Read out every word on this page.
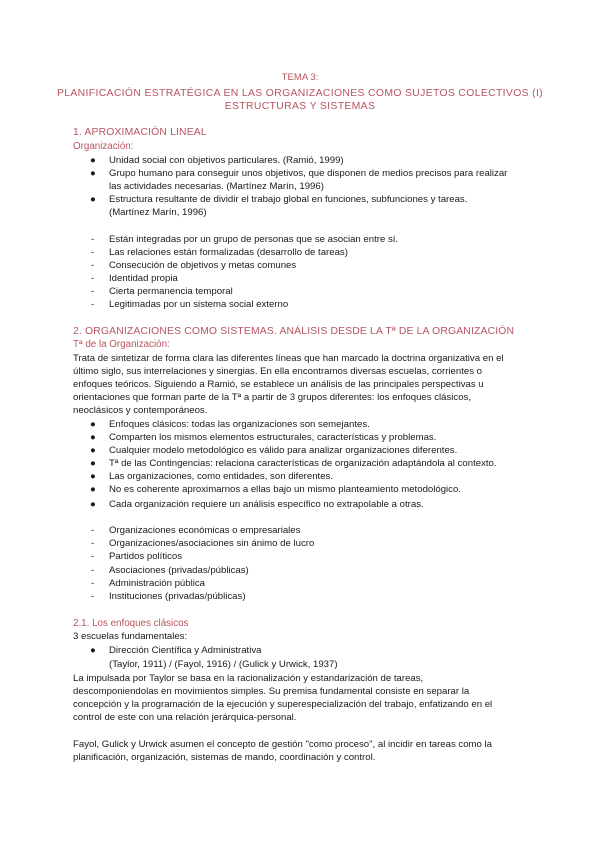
TEMA 3:
PLANIFICACIÓN ESTRATÉGICA EN LAS ORGANIZACIONES COMO SUJETOS COLECTIVOS (I)
ESTRUCTURAS Y SISTEMAS
1. APROXIMACIÓN LINEAL
Organización:
● Unidad social con objetivos particulares. (Ramió, 1999)
● Grupo humano para conseguir unos objetivos, que disponen de medios precisos para realizar
las actividades necesarias. (Martínez Marín, 1996)
● Estructura resultante de dividir el trabajo global en funciones, subfunciones y tareas.
(Martínez Marín, 1996)
- Están integradas por un grupo de personas que se asocian entre sí.
- Las relaciones están formalizadas (desarrollo de tareas)
- Consecución de objetivos y metas comunes
- Identidad propia
- Cierta permanencia temporal
- Legitimadas por un sistema social externo
2. ORGANIZACIONES COMO SISTEMAS. ANÁLISIS DESDE LA Tª DE LA ORGANIZACIÓN
Tª de la Organización:
Trata de sintetizar de forma clara las diferentes líneas que han marcado la doctrina organizativa en el
último siglo, sus interrelaciones y sinergias. En ella encontramos diversas escuelas, corrientes o
enfoques teóricos. Siguiendo a Ramió, se establece un análisis de las principales perspectivas u
orientaciones que forman parte de la Tª a partir de 3 grupos diferentes: los enfoques clásicos,
neoclásicos y contemporáneos.
● Enfoques clásicos: todas las organizaciones son semejantes.
● Comparten los mismos elementos estructurales, características y problemas.
● Cualquier modelo metodológico es válido para analizar organizaciones diferentes.
● Tª de las Contingencias: relaciona características de organización adaptándola al contexto.
● Las organizaciones, como entidades, son diferentes.
● No es coherente aproximarnos a ellas bajo un mismo planteamiento metodológico.
● Cada organización requiere un análisis específico no extrapolable a otras.
- Organizaciones económicas o empresariales
- Organizaciones/asociaciones sin ánimo de lucro
- Partidos políticos
- Asociaciones (privadas/públicas)
- Administración pública
- Instituciones (privadas/públicas)
2.1. Los enfoques clásicos
3 escuelas fundamentales:
● Dirección Científica y Administrativa
(Taylor, 1911) / (Fayol, 1916) / (Gulick y Urwick, 1937)
La impulsada por Taylor se basa en la racionalización y estandarización de tareas,
descomponiendolas en movimientos simples. Su premisa fundamental consiste en separar la
concepción y la programación de la ejecución y superespecialización del trabajo, enfatizando en el
control de este con una relación jerárquica-personal.
Fayol, Gulick y Urwick asumen el concepto de gestión "como proceso", al incidir en tareas como la
planificación, organización, sistemas de mando, coordinación y control.
